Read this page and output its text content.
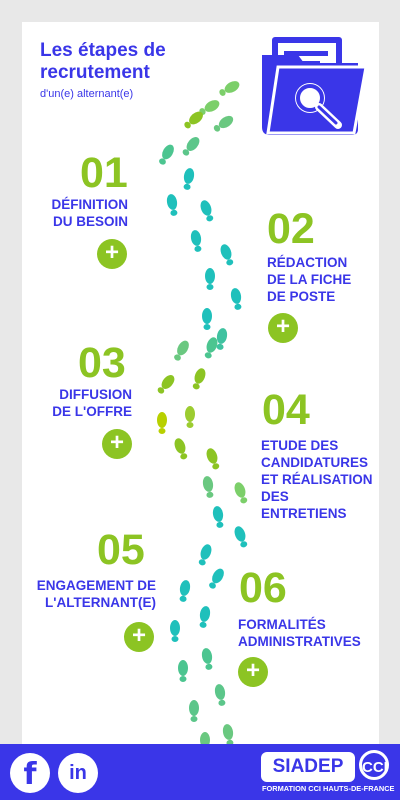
Les étapes de
recrutement
d'un(e) alternant(e)
01
DÉFINITION
DU BESOIN
+	02
RÉDACTION
DE LA FICHE
DE POSTE
+
03
DIFFUSION
DE L'OFFRE
+
04
ETUDE DES
CANDIDATURES
ET RÉALISATION
DES
ENTRETIENS
05
ENGAGEMENT DE
L'ALTERNANT(E)
+
06
FORMALITÉS
ADMINISTRATIVES
+
f	in	SIADEP	CCI
FORMATION CCI HAUTS-DE-FRANCE
